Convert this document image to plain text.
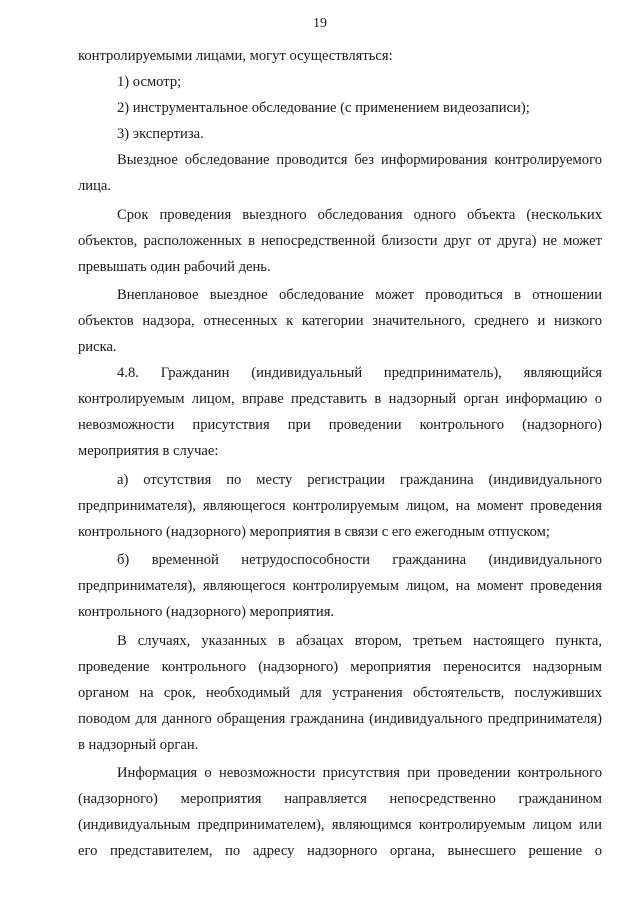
19

контролируемыми лицами, могут осуществляться:

1) осмотр;

2) инструментальное обследование (с применением видеозаписи);

3) экспертиза.

Выездное обследование проводится без информирования контролируемого лица.

Срок проведения выездного обследования одного объекта (нескольких объектов, расположенных в непосредственной близости друг от друга) не может превышать один рабочий день.

Внеплановое выездное обследование может проводиться в отношении объектов надзора, отнесенных к категории значительного, среднего и низкого риска.

4.8. Гражданин (индивидуальный предприниматель), являющийся контролируемым лицом, вправе представить в надзорный орган информацию о невозможности присутствия при проведении контрольного (надзорного) мероприятия в случае:

а) отсутствия по месту регистрации гражданина (индивидуального предпринимателя), являющегося контролируемым лицом, на момент проведения контрольного (надзорного) мероприятия в связи с его ежегодным отпуском;

б) временной нетрудоспособности гражданина (индивидуального предпринимателя), являющегося контролируемым лицом, на момент проведения контрольного (надзорного) мероприятия.

В случаях, указанных в абзацах втором, третьем настоящего пункта, проведение контрольного (надзорного) мероприятия переносится надзорным органом на срок, необходимый для устранения обстоятельств, послуживших поводом для данного обращения гражданина (индивидуального предпринимателя) в надзорный орган.

Информация о невозможности присутствия при проведении контрольного (надзорного) мероприятия направляется непосредственно гражданином (индивидуальным предпринимателем), являющимся контролируемым лицом или его представителем, по адресу надзорного органа, вынесшего решение о
